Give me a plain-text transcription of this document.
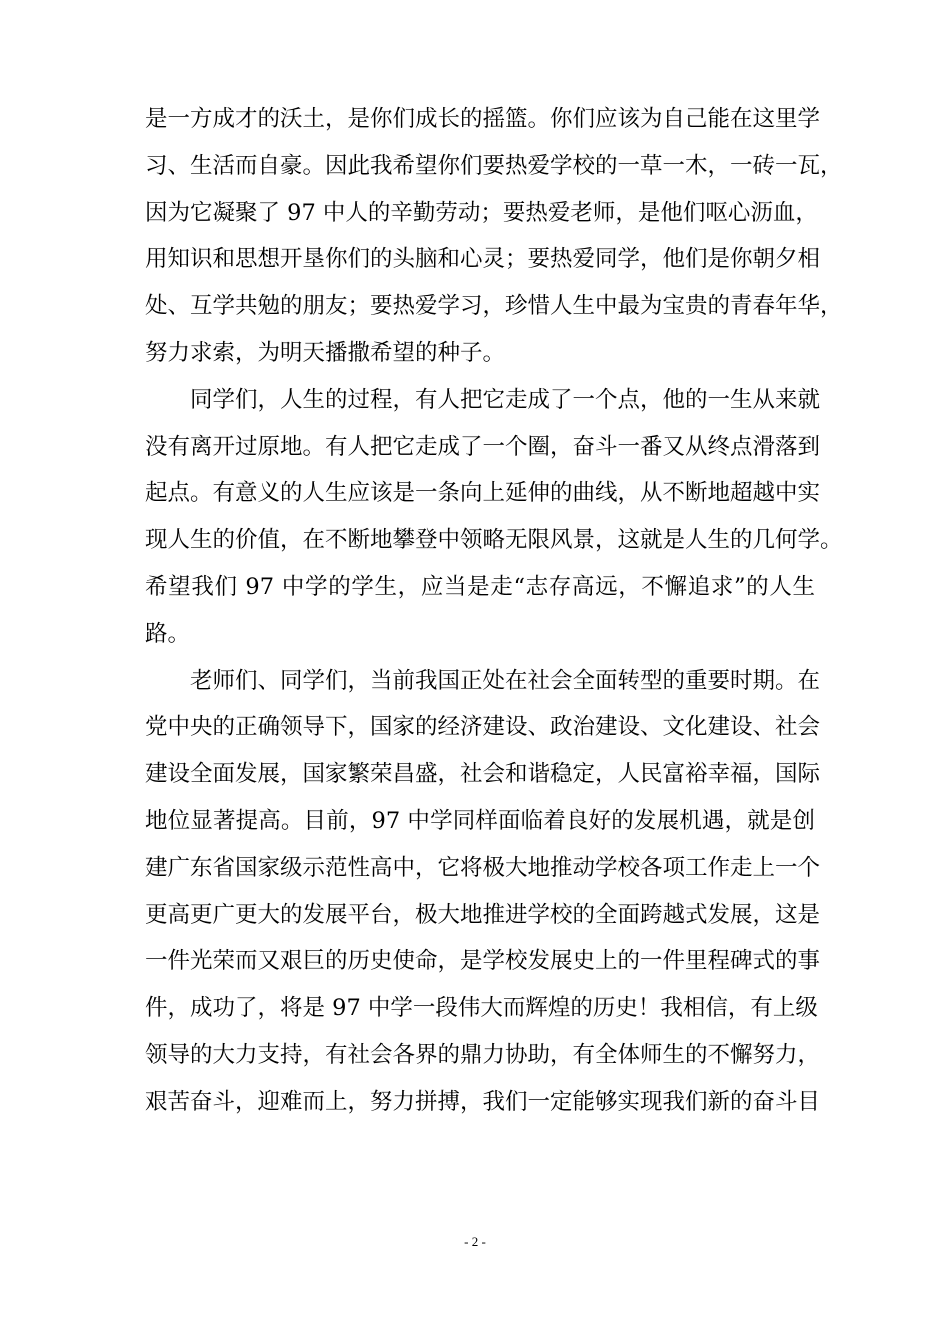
是一方成才的沃土，是你们成长的摇篮。你们应该为自己能在这里学
习、生活而自豪。因此我希望你们要热爱学校的一草一木，一砖一瓦，
因为它凝聚了 97 中人的辛勤劳动；要热爱老师，是他们呕心沥血，
用知识和思想开垦你们的头脑和心灵；要热爱同学，他们是你朝夕相
处、互学共勉的朋友；要热爱学习，珍惜人生中最为宝贵的青春年华，
努力求索，为明天播撒希望的种子。

同学们，人生的过程，有人把它走成了一个点，他的一生从来就
没有离开过原地。有人把它走成了一个圈，奋斗一番又从终点滑落到
起点。有意义的人生应该是一条向上延伸的曲线，从不断地超越中实
现人生的价值，在不断地攀登中领略无限风景，这就是人生的几何学。
希望我们 97 中学的学生，应当是走“志存高远，不懈追求”的人生
路。

老师们、同学们，当前我国正处在社会全面转型的重要时期。在
党中央的正确领导下，国家的经济建设、政治建设、文化建设、社会
建设全面发展，国家繁荣昌盛，社会和谐稳定，人民富裕幸福，国际
地位显著提高。目前，97 中学同样面临着良好的发展机遇，就是创
建广东省国家级示范性高中，它将极大地推动学校各项工作走上一个
更高更广更大的发展平台，极大地推进学校的全面跨越式发展，这是
一件光荣而又艰巨的历史使命，是学校发展史上的一件里程碑式的事
件，成功了，将是 97 中学一段伟大而辉煌的历史！我相信，有上级
领导的大力支持，有社会各界的鼎力协助，有全体师生的不懈努力，
艰苦奋斗，迎难而上，努力拼搏，我们一定能够实现我们新的奋斗目

- 2 -
